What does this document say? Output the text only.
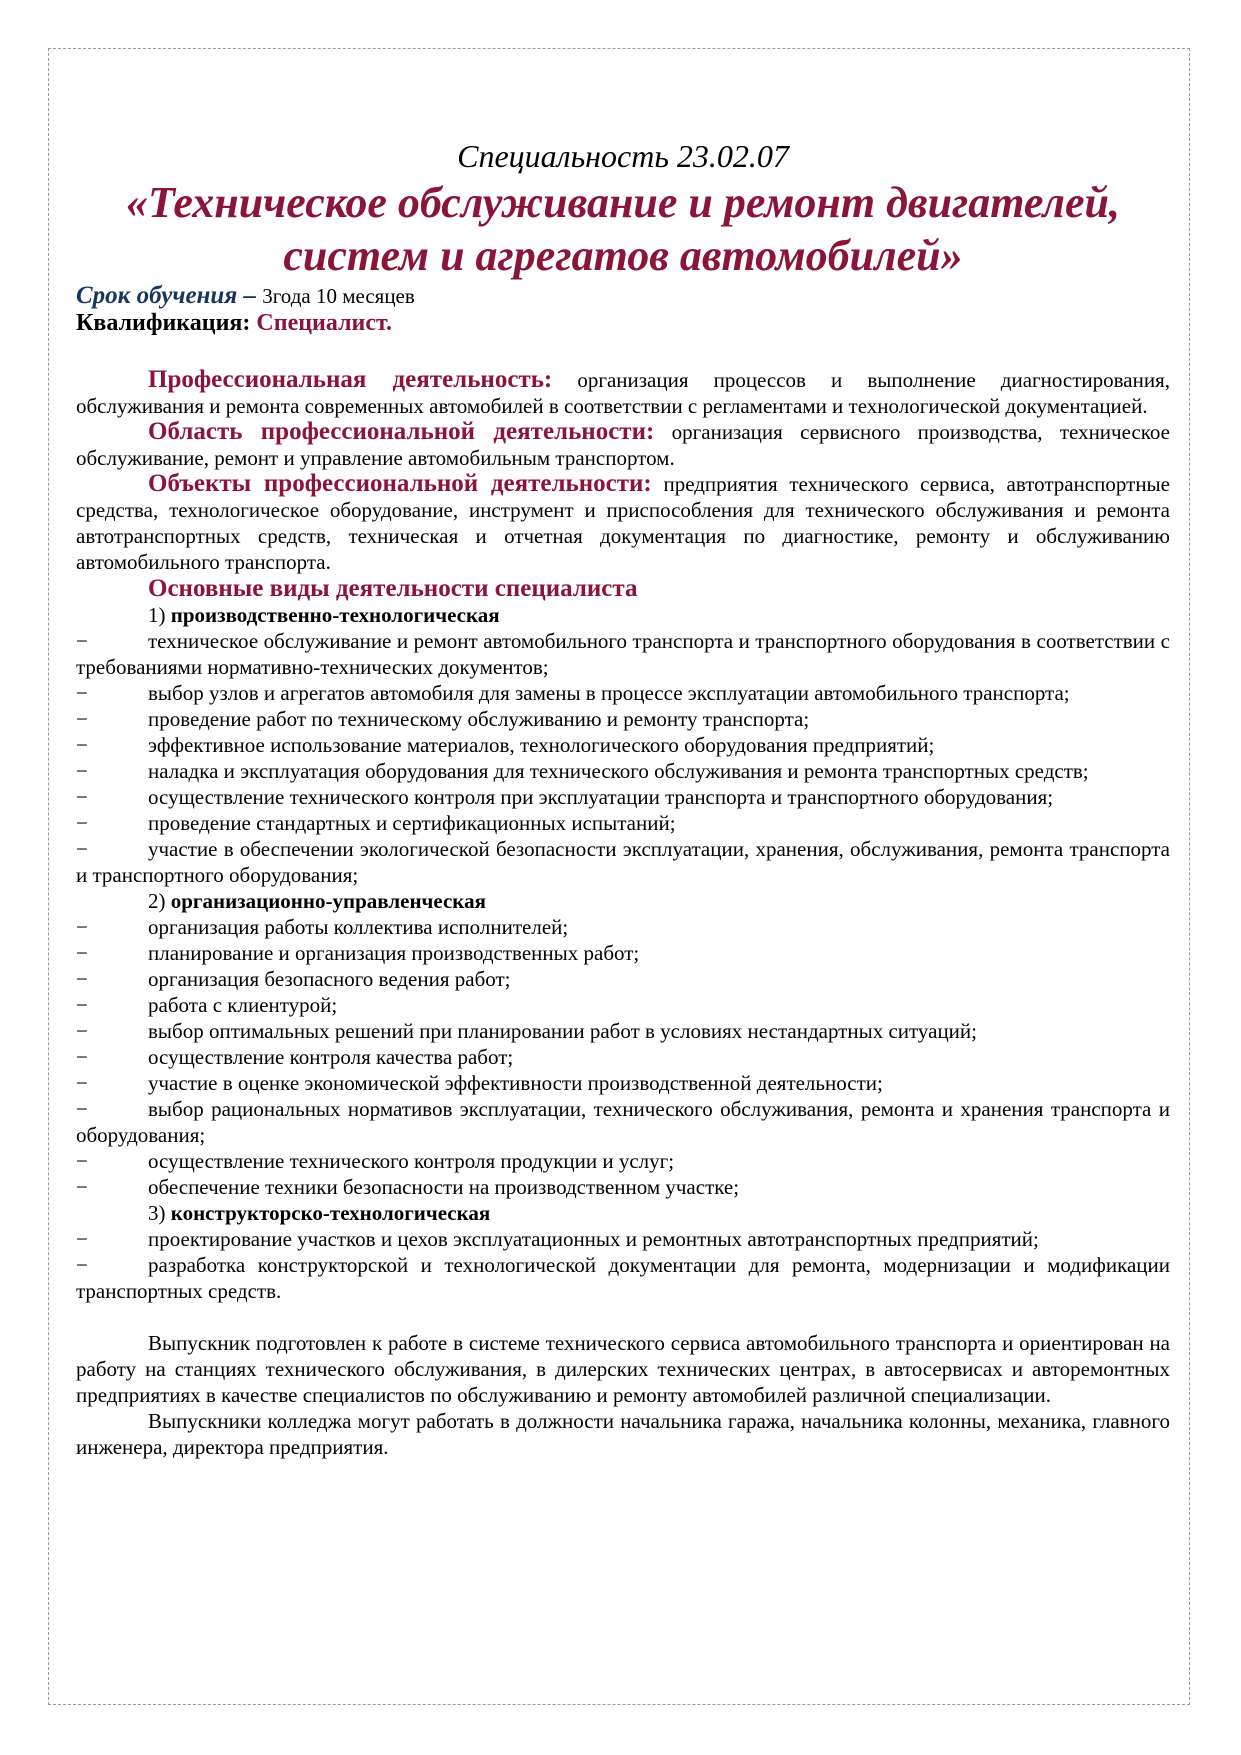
Специальность 23.02.07
«Техническое обслуживание и ремонт двигателей, систем и агрегатов автомобилей»

Срок обучения – 3года 10 месяцев

Квалификация: Специалист.

Профессиональная деятельность: организация процессов и выполнение диагностирования, обслуживания и ремонта современных автомобилей в соответствии с регламентами и технологической документацией.

Область профессиональной деятельности: организация сервисного производства, техническое обслуживание, ремонт и управление автомобильным транспортом.

Объекты профессиональной деятельности: предприятия технического сервиса, автотранспортные средства, технологическое оборудование, инструмент и приспособления для технического обслуживания и ремонта автотранспортных средств, техническая и отчетная документация по диагностике, ремонту и обслуживанию автомобильного транспорта.

Основные виды деятельности специалиста

1) производственно-технологическая

−	техническое обслуживание и ремонт автомобильного транспорта и транспортного оборудования в соответствии с требованиями нормативно-технических документов;
−	выбор узлов и агрегатов автомобиля для замены в процессе эксплуатации автомобильного транспорта;
−	проведение работ по техническому обслуживанию и ремонту транспорта;
−	эффективное использование материалов, технологического оборудования предприятий;
−	наладка и эксплуатация оборудования для технического обслуживания и ремонта транспортных средств;
−	осуществление технического контроля при эксплуатации транспорта и транспортного оборудования;
−	проведение стандартных и сертификационных испытаний;
−	участие в обеспечении экологической безопасности эксплуатации, хранения, обслуживания, ремонта транспорта и транспортного оборудования;

2) организационно-управленческая

−	организация работы коллектива исполнителей;
−	планирование и организация производственных работ;
−	организация безопасного ведения работ;
−	работа с клиентурой;
−	выбор оптимальных решений при планировании работ в условиях нестандартных ситуаций;
−	осуществление контроля качества работ;
−	участие в оценке экономической эффективности производственной деятельности;
−	выбор рациональных нормативов эксплуатации, технического обслуживания, ремонта и хранения транспорта и оборудования;
−	осуществление технического контроля продукции и услуг;
−	обеспечение техники безопасности на производственном участке;

3) конструкторско-технологическая

−	проектирование участков и цехов эксплуатационных и ремонтных автотранспортных предприятий;
−	разработка конструкторской и технологической документации для ремонта, модернизации и модификации транспортных средств.

Выпускник подготовлен к работе в системе технического сервиса автомобильного транспорта и ориентирован на работу на станциях технического обслуживания, в дилерских технических центрах, в автосервисах и авторемонтных предприятиях в качестве специалистов по обслуживанию и ремонту автомобилей различной специализации.

Выпускники колледжа могут работать в должности начальника гаража, начальника колонны, механика, главного инженера, директора предприятия.
